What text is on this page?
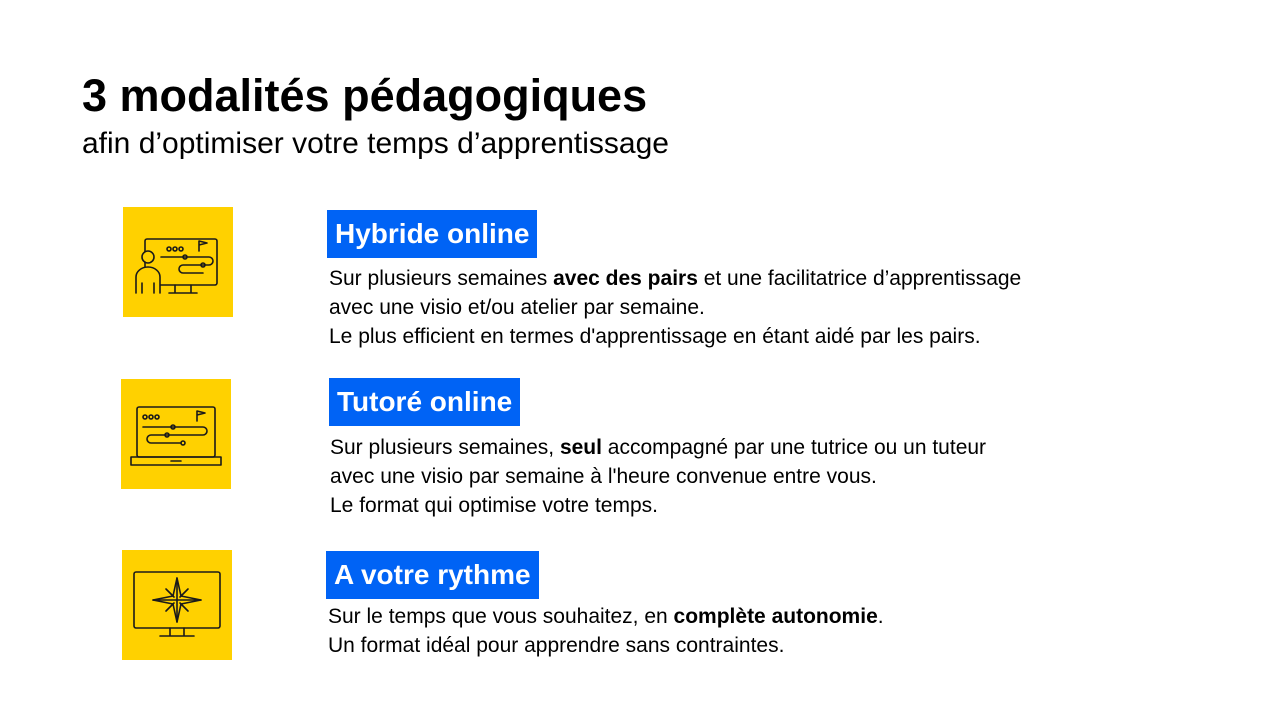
3 modalités pédagogiques

afin d’optimiser votre temps d’apprentissage

Hybride online
Sur plusieurs semaines avec des pairs et une facilitatrice d’apprentissage
avec une visio et/ou atelier par semaine.
Le plus efficient en termes d'apprentissage en étant aidé par les pairs.
Tutoré online
Sur plusieurs semaines, seul accompagné par une tutrice ou un tuteur
avec une visio par semaine à l'heure convenue entre vous.
Le format qui optimise votre temps.
A votre rythme
Sur le temps que vous souhaitez, en complète autonomie.
Un format idéal pour apprendre sans contraintes.
